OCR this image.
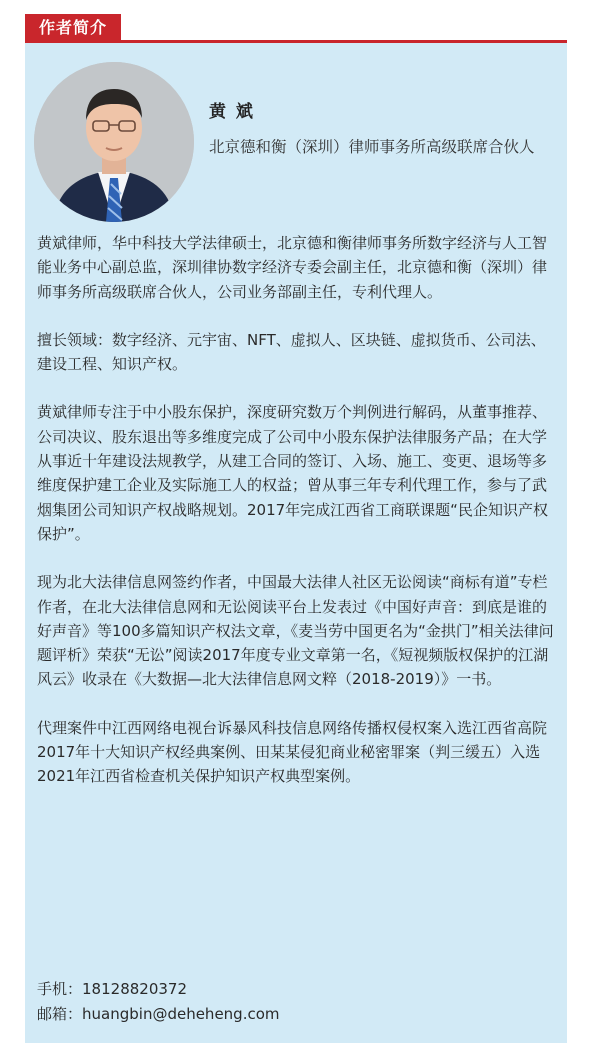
作者简介
黄 斌
北京德和衡（深圳）律师事务所高级联席合伙人

黄斌律师，华中科技大学法律硕士，北京德和衡律师事务所数字经济与人工智能业务中心副总监，深圳律协数字经济专委会副主任，北京德和衡（深圳）律师事务所高级联席合伙人，公司业务部副主任，专利代理人。

擅长领域：数字经济、元宇宙、NFT、虚拟人、区块链、虚拟货币、公司法、建设工程、知识产权。

黄斌律师专注于中小股东保护，深度研究数万个判例进行解码，从董事推荐、公司决议、股东退出等多维度完成了公司中小股东保护法律服务产品；在大学从事近十年建设法规教学，从建工合同的签订、入场、施工、变更、退场等多维度保护建工企业及实际施工人的权益；曾从事三年专利代理工作，参与了武烟集团公司知识产权战略规划。2017年完成江西省工商联课题“民企知识产权保护”。

现为北大法律信息网签约作者，中国最大法律人社区无讼阅读“商标有道”专栏作者，在北大法律信息网和无讼阅读平台上发表过《中国好声音：到底是谁的好声音》等100多篇知识产权法文章，《麦当劳中国更名为“金拱门”相关法律问题评析》荣获“无讼”阅读2017年度专业文章第一名，《短视频版权保护的江湖风云》收录在《大数据—北大法律信息网文粹（2018-2019）》一书。

代理案件中江西网络电视台诉暴风科技信息网络传播权侵权案入选江西省高院2017年十大知识产权经典案例、田某某侵犯商业秘密罪案（判三缓五）入选2021年江西省检查机关保护知识产权典型案例。

手机：18128820372
邮箱：huangbin@deheheng.com
